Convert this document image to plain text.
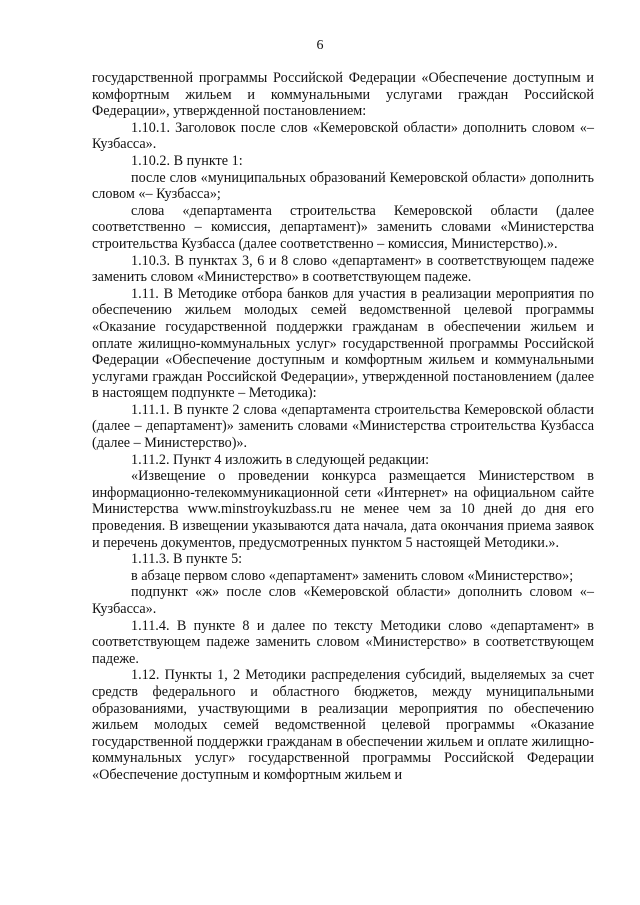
6

государственной программы Российской Федерации «Обеспечение доступным и комфортным жильем и коммунальными услугами граждан Российской Федерации», утвержденной постановлением:

1.10.1. Заголовок после слов «Кемеровской области» дополнить словом «– Кузбасса».

1.10.2. В пункте 1:

после слов «муниципальных образований Кемеровской области» дополнить словом «– Кузбасса»;

слова «департамента строительства Кемеровской области (далее соответственно – комиссия, департамент)» заменить словами «Министерства строительства Кузбасса (далее соответственно – комиссия, Министерство).».

1.10.3. В пунктах 3, 6 и 8 слово «департамент» в соответствующем падеже заменить словом «Министерство» в соответствующем падеже.

1.11. В Методике отбора банков для участия в реализации мероприятия по обеспечению жильем молодых семей ведомственной целевой программы «Оказание государственной поддержки гражданам в обеспечении жильем и оплате жилищно-коммунальных услуг» государственной программы Российской Федерации «Обеспечение доступным и комфортным жильем и коммунальными услугами граждан Российской Федерации», утвержденной постановлением (далее в настоящем подпункте – Методика):

1.11.1. В пункте 2 слова «департамента строительства Кемеровской области (далее – департамент)» заменить словами «Министерства строительства Кузбасса (далее – Министерство)».

1.11.2. Пункт 4 изложить в следующей редакции:

«Извещение о проведении конкурса размещается Министерством в информационно-телекоммуникационной сети «Интернет» на официальном сайте Министерства www.minstroykuzbass.ru не менее чем за 10 дней до дня его проведения. В извещении указываются дата начала, дата окончания приема заявок и перечень документов, предусмотренных пунктом 5 настоящей Методики.».

1.11.3. В пункте 5:

в абзаце первом слово «департамент» заменить словом «Министерство»;

подпункт «ж» после слов «Кемеровской области» дополнить словом «– Кузбасса».

1.11.4. В пункте 8 и далее по тексту Методики слово «департамент» в соответствующем падеже заменить словом «Министерство» в соответствующем падеже.

1.12. Пункты 1, 2 Методики распределения субсидий, выделяемых за счет средств федерального и областного бюджетов, между муниципальными образованиями, участвующими в реализации мероприятия по обеспечению жильем молодых семей ведомственной целевой программы «Оказание государственной поддержки гражданам в обеспечении жильем и оплате жилищно-коммунальных услуг» государственной программы Российской Федерации «Обеспечение доступным и комфортным жильем и
